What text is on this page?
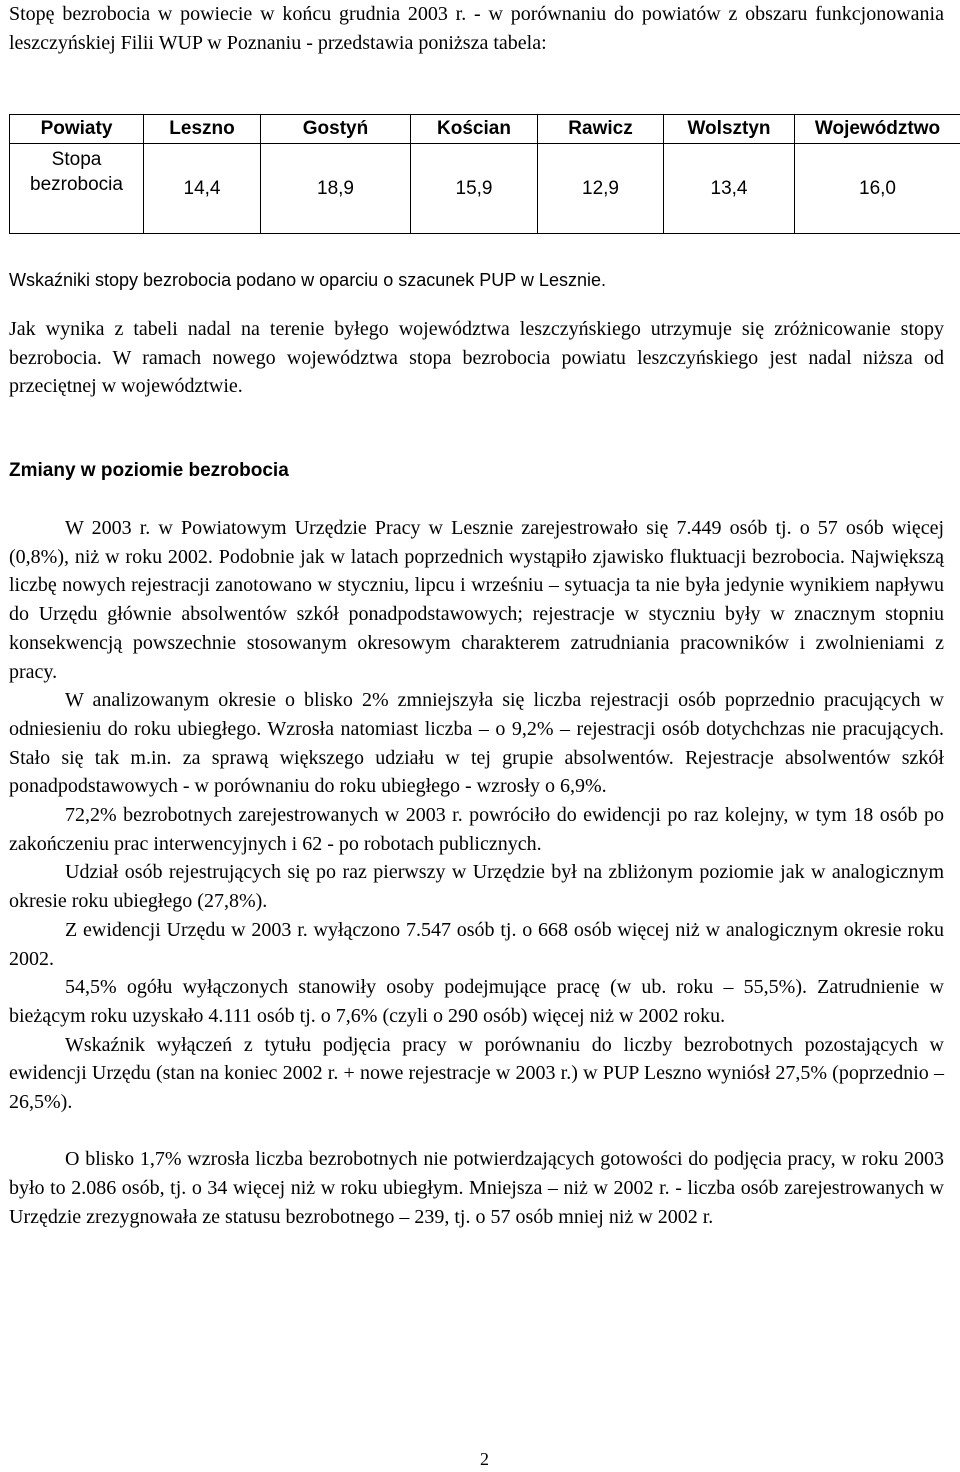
Stopę bezrobocia w powiecie w końcu grudnia 2003 r. - w porównaniu do powiatów z obszaru funkcjonowania leszczyńskiej Filii WUP w Poznaniu - przedstawia poniższa tabela:

Powiaty	Leszno	Gostyń	Kościan	Rawicz	Wolsztyn	Województwo

Stopa
bezrobocia	14,4	18,9	15,9	12,9	13,4	16,0

Wskaźniki stopy bezrobocia podano w oparciu o szacunek PUP w Lesznie.

Jak wynika z tabeli nadal na terenie byłego województwa leszczyńskiego utrzymuje się zróżnicowanie stopy bezrobocia. W ramach nowego województwa stopa bezrobocia powiatu leszczyńskiego jest nadal niższa od przeciętnej w województwie.

Zmiany w poziomie bezrobocia

W 2003 r. w Powiatowym Urzędzie Pracy w Lesznie zarejestrowało się 7.449 osób tj. o 57 osób więcej (0,8%), niż w roku 2002. Podobnie jak w latach poprzednich wystąpiło zjawisko fluktuacji bezrobocia. Największą liczbę nowych rejestracji zanotowano w styczniu, lipcu i wrześniu – sytuacja ta nie była jedynie wynikiem napływu do Urzędu głównie absolwentów szkół ponadpodstawowych; rejestracje w styczniu były w znacznym stopniu konsekwencją powszechnie stosowanym okresowym charakterem zatrudniania pracowników i zwolnieniami z pracy.

W analizowanym okresie o blisko 2% zmniejszyła się liczba rejestracji osób poprzednio pracujących w odniesieniu do roku ubiegłego. Wzrosła natomiast liczba – o 9,2% – rejestracji osób dotychchzas nie pracujących. Stało się tak m.in. za sprawą większego udziału w tej grupie absolwentów. Rejestracje absolwentów szkół ponadpodstawowych - w porównaniu do roku ubiegłego - wzrosły o 6,9%.

72,2% bezrobotnych zarejestrowanych w 2003 r. powróciło do ewidencji po raz kolejny, w tym 18 osób po zakończeniu prac interwencyjnych i 62 - po robotach publicznych.

Udział osób rejestrujących się po raz pierwszy w Urzędzie był na zbliżonym poziomie jak w analogicznym okresie roku ubiegłego (27,8%).

Z ewidencji Urzędu w 2003 r. wyłączono 7.547 osób tj. o 668 osób więcej niż w analogicznym okresie roku 2002.

54,5% ogółu wyłączonych stanowiły osoby podejmujące pracę (w ub. roku – 55,5%). Zatrudnienie w bieżącym roku uzyskało 4.111 osób tj. o 7,6% (czyli o 290 osób) więcej niż w 2002 roku.

Wskaźnik wyłączeń z tytułu podjęcia pracy w porównaniu do liczby bezrobotnych pozostających w ewidencji Urzędu (stan na koniec 2002 r. + nowe rejestracje w 2003 r.) w PUP Leszno wyniósł 27,5% (poprzednio – 26,5%).

O blisko 1,7% wzrosła liczba bezrobotnych nie potwierdzających gotowości do podjęcia pracy, w roku 2003 było to 2.086 osób, tj. o 34 więcej niż w roku ubiegłym. Mniejsza – niż w 2002 r. - liczba osób zarejestrowanych w Urzędzie zrezygnowała ze statusu bezrobotnego – 239, tj. o 57 osób mniej niż w 2002 r.

2
